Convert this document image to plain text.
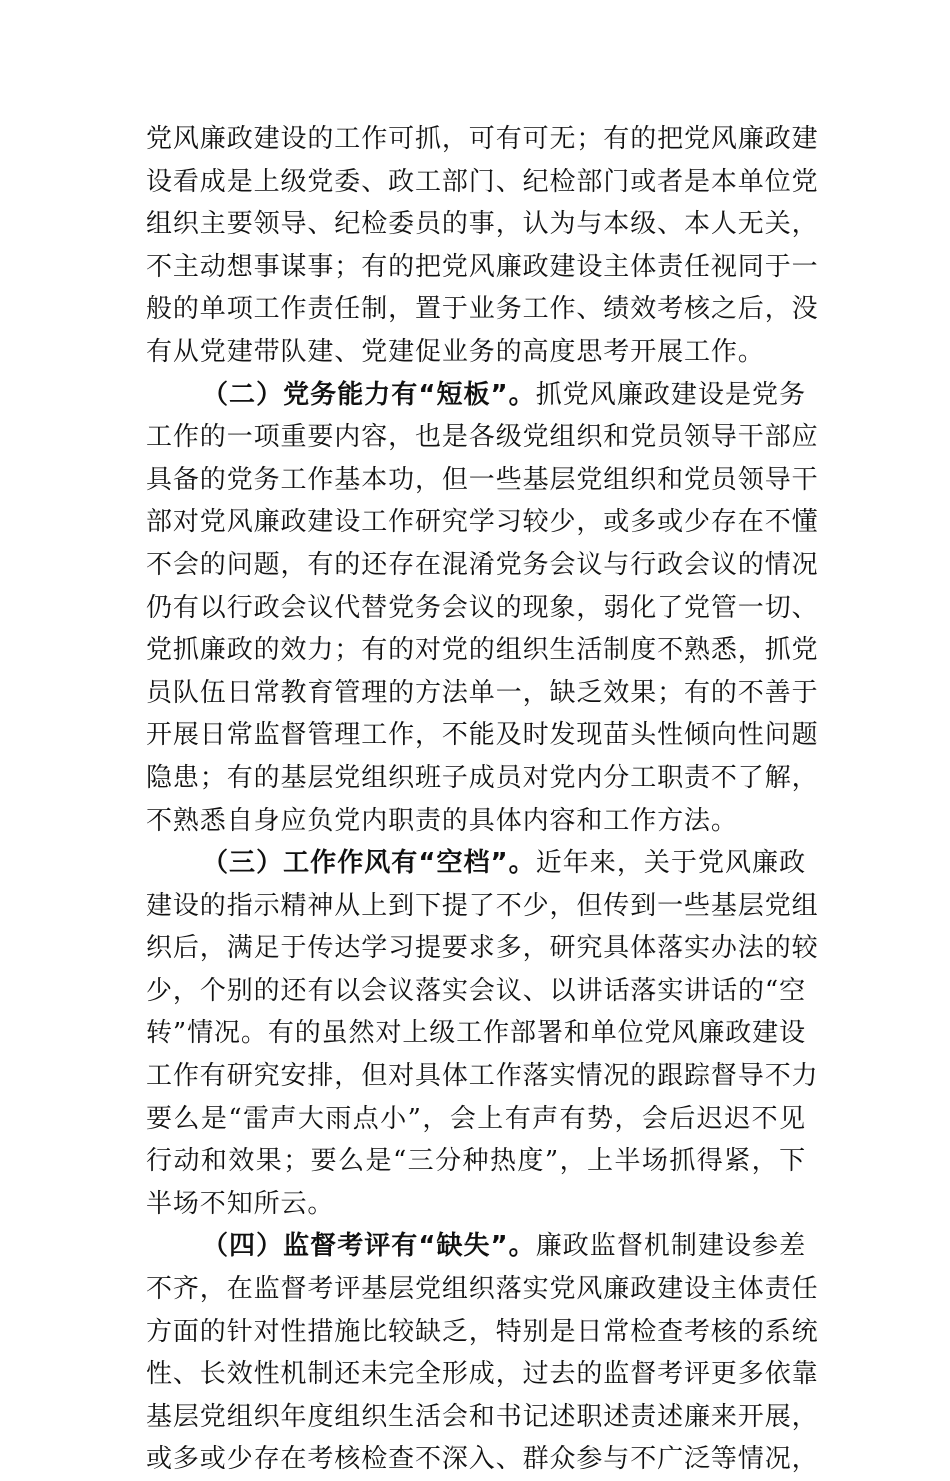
党风廉政建设的工作可抓，可有可无；有的把党风廉政建
设看成是上级党委、政工部门、纪检部门或者是本单位党
组织主要领导、纪检委员的事，认为与本级、本人无关，
不主动想事谋事；有的把党风廉政建设主体责任视同于一
般的单项工作责任制，置于业务工作、绩效考核之后，没
有从党建带队建、党建促业务的高度思考开展工作。
（二）党务能力有“短板”。抓党风廉政建设是党务
工作的一项重要内容，也是各级党组织和党员领导干部应
具备的党务工作基本功，但一些基层党组织和党员领导干
部对党风廉政建设工作研究学习较少，或多或少存在不懂
不会的问题，有的还存在混淆党务会议与行政会议的情况
仍有以行政会议代替党务会议的现象，弱化了党管一切、
党抓廉政的效力；有的对党的组织生活制度不熟悉，抓党
员队伍日常教育管理的方法单一，缺乏效果；有的不善于
开展日常监督管理工作，不能及时发现苗头性倾向性问题
隐患；有的基层党组织班子成员对党内分工职责不了解，
不熟悉自身应负党内职责的具体内容和工作方法。
（三）工作作风有“空档”。近年来，关于党风廉政
建设的指示精神从上到下提了不少，但传到一些基层党组
织后，满足于传达学习提要求多，研究具体落实办法的较
少，个别的还有以会议落实会议、以讲话落实讲话的“空
转”情况。有的虽然对上级工作部署和单位党风廉政建设
工作有研究安排，但对具体工作落实情况的跟踪督导不力
要么是“雷声大雨点小”，会上有声有势，会后迟迟不见
行动和效果；要么是“三分种热度”，上半场抓得紧，下
半场不知所云。
（四）监督考评有“缺失”。廉政监督机制建设参差
不齐，在监督考评基层党组织落实党风廉政建设主体责任
方面的针对性措施比较缺乏，特别是日常检查考核的系统
性、长效性机制还未完全形成，过去的监督考评更多依靠
基层党组织年度组织生活会和书记述职述责述廉来开展，
或多或少存在考核检查不深入、群众参与不广泛等情况，
